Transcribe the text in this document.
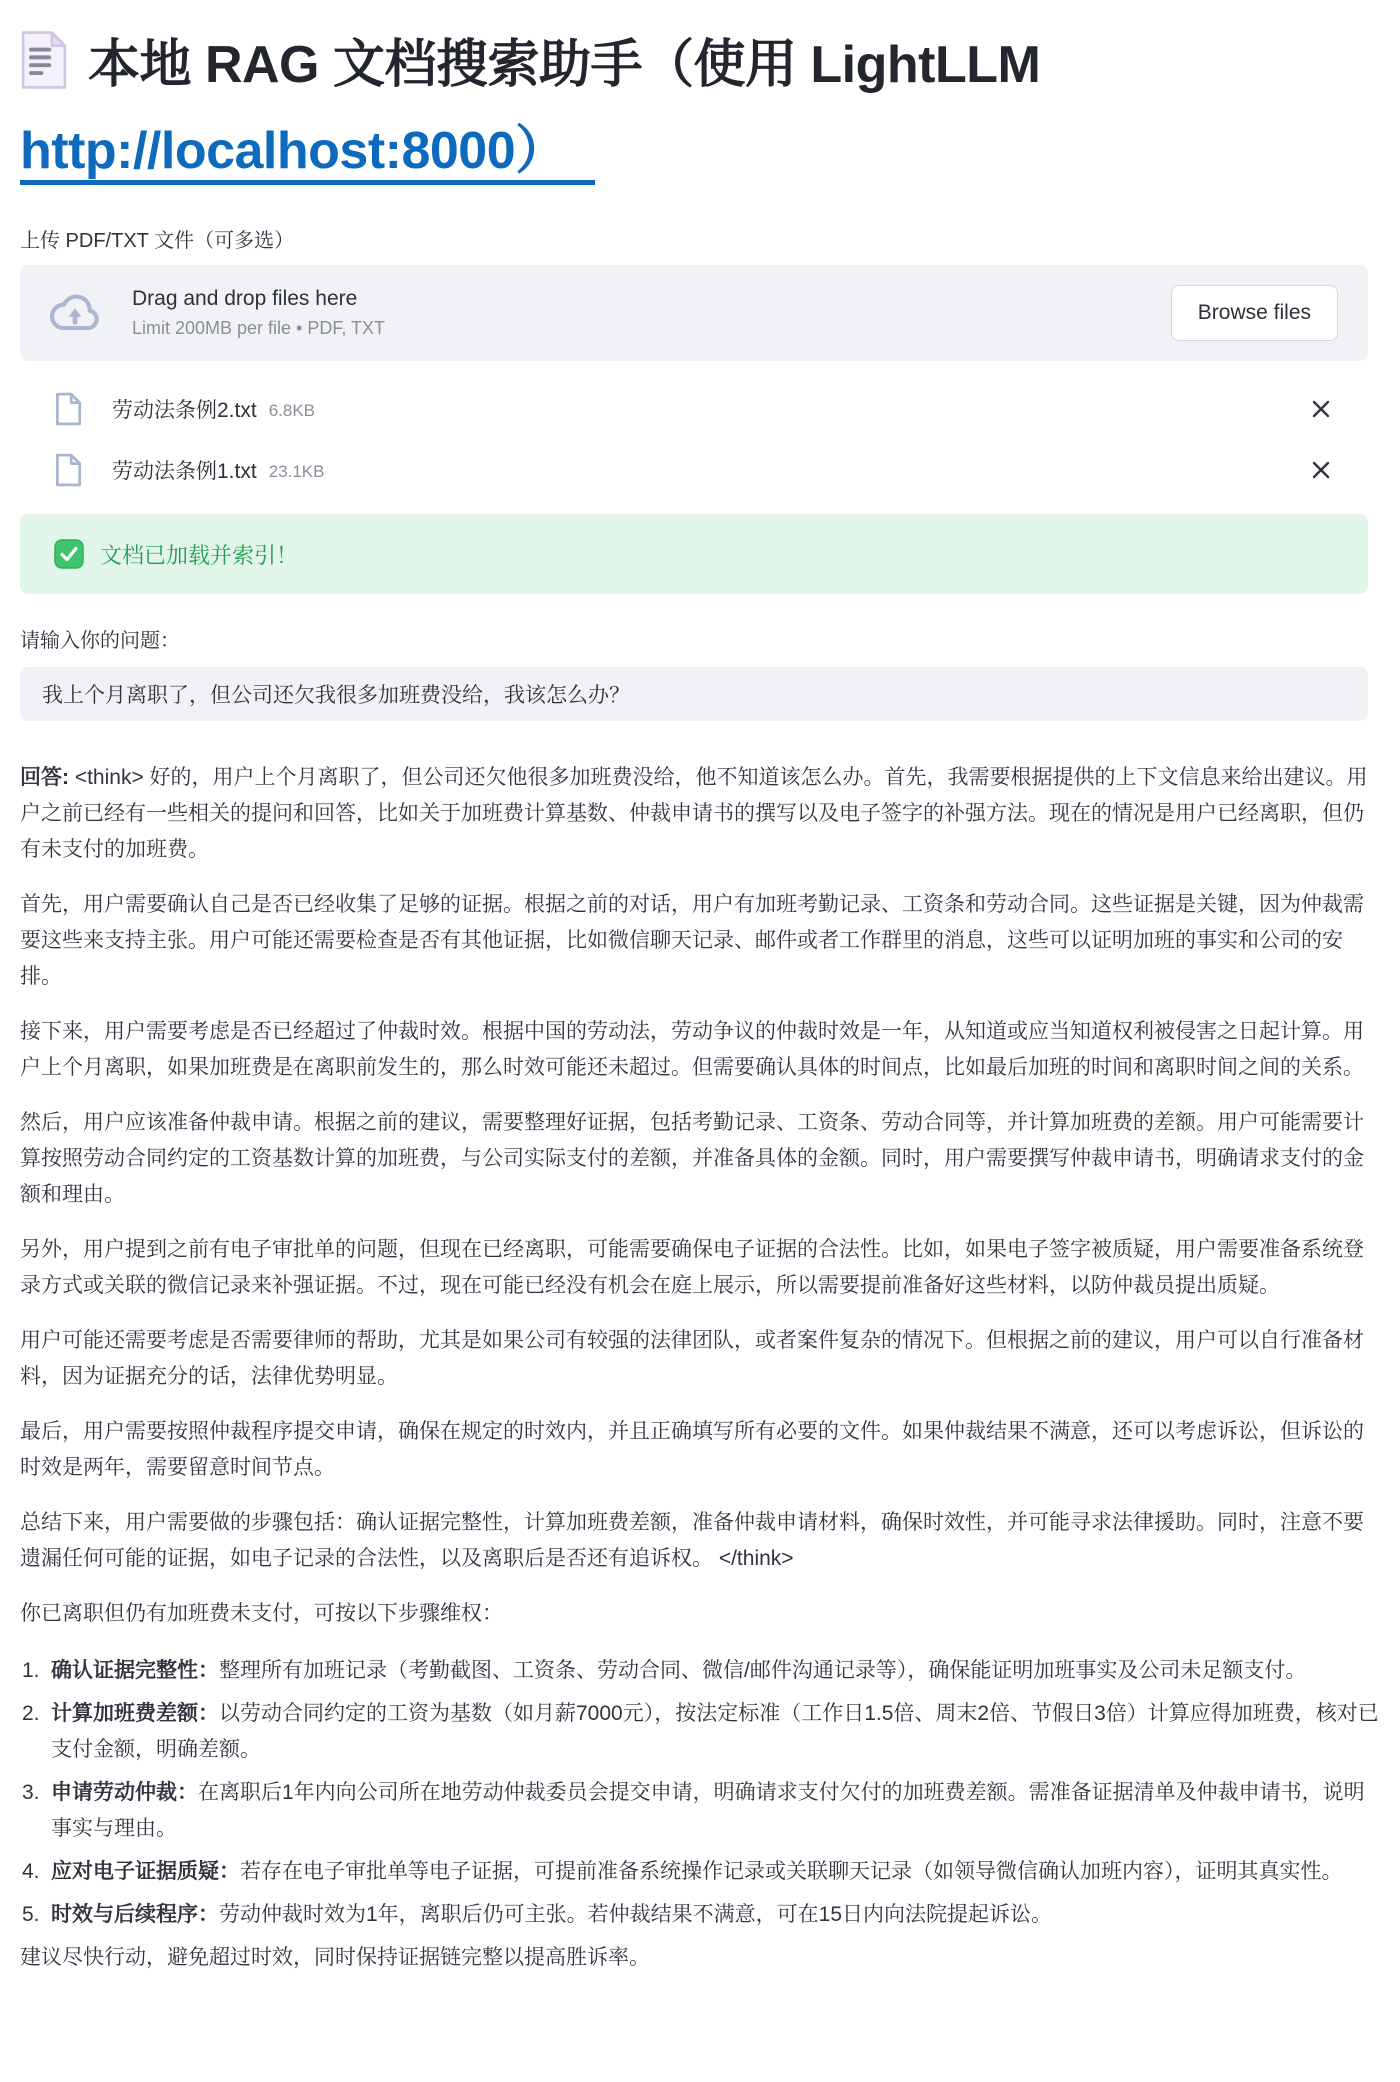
本地 RAG 文档搜索助手（使用 LightLLM http://localhost:8000）
上传 PDF/TXT 文件（可多选）
Drag and drop files here
Limit 200MB per file • PDF, TXT
Browse files
劳动法条例2.txt 6.8KB
劳动法条例1.txt 23.1KB
文档已加载并索引！
请输入你的问题：
我上个月离职了，但公司还欠我很多加班费没给，我该怎么办？

回答: <think> 好的，用户上个月离职了，但公司还欠他很多加班费没给，他不知道该怎么办。首先，我需要根据提供的上下文信息来给出建议。用户之前已经有一些相关的提问和回答，比如关于加班费计算基数、仲裁申请书的撰写以及电子签字的补强方法。现在的情况是用户已经离职，但仍有未支付的加班费。

首先，用户需要确认自己是否已经收集了足够的证据。根据之前的对话，用户有加班考勤记录、工资条和劳动合同。这些证据是关键，因为仲裁需要这些来支持主张。用户可能还需要检查是否有其他证据，比如微信聊天记录、邮件或者工作群里的消息，这些可以证明加班的事实和公司的安排。

接下来，用户需要考虑是否已经超过了仲裁时效。根据中国的劳动法，劳动争议的仲裁时效是一年，从知道或应当知道权利被侵害之日起计算。用户上个月离职，如果加班费是在离职前发生的，那么时效可能还未超过。但需要确认具体的时间点，比如最后加班的时间和离职时间之间的关系。

然后，用户应该准备仲裁申请。根据之前的建议，需要整理好证据，包括考勤记录、工资条、劳动合同等，并计算加班费的差额。用户可能需要计算按照劳动合同约定的工资基数计算的加班费，与公司实际支付的差额，并准备具体的金额。同时，用户需要撰写仲裁申请书，明确请求支付的金额和理由。

另外，用户提到之前有电子审批单的问题，但现在已经离职，可能需要确保电子证据的合法性。比如，如果电子签字被质疑，用户需要准备系统登录方式或关联的微信记录来补强证据。不过，现在可能已经没有机会在庭上展示，所以需要提前准备好这些材料，以防仲裁员提出质疑。

用户可能还需要考虑是否需要律师的帮助，尤其是如果公司有较强的法律团队，或者案件复杂的情况下。但根据之前的建议，用户可以自行准备材料，因为证据充分的话，法律优势明显。

最后，用户需要按照仲裁程序提交申请，确保在规定的时效内，并且正确填写所有必要的文件。如果仲裁结果不满意，还可以考虑诉讼，但诉讼的时效是两年，需要留意时间节点。

总结下来，用户需要做的步骤包括：确认证据完整性，计算加班费差额，准备仲裁申请材料，确保时效性，并可能寻求法律援助。同时，注意不要遗漏任何可能的证据，如电子记录的合法性，以及离职后是否还有追诉权。 </think>

你已离职但仍有加班费未支付，可按以下步骤维权：

1. 确认证据完整性：整理所有加班记录（考勤截图、工资条、劳动合同、微信/邮件沟通记录等），确保能证明加班事实及公司未足额支付。
2. 计算加班费差额：以劳动合同约定的工资为基数（如月薪7000元），按法定标准（工作日1.5倍、周末2倍、节假日3倍）计算应得加班费，核对已支付金额，明确差额。
3. 申请劳动仲裁：在离职后1年内向公司所在地劳动仲裁委员会提交申请，明确请求支付欠付的加班费差额。需准备证据清单及仲裁申请书，说明事实与理由。
4. 应对电子证据质疑：若存在电子审批单等电子证据，可提前准备系统操作记录或关联聊天记录（如领导微信确认加班内容），证明其真实性。
5. 时效与后续程序：劳动仲裁时效为1年，离职后仍可主张。若仲裁结果不满意，可在15日内向法院提起诉讼。

建议尽快行动，避免超过时效，同时保持证据链完整以提高胜诉率。
